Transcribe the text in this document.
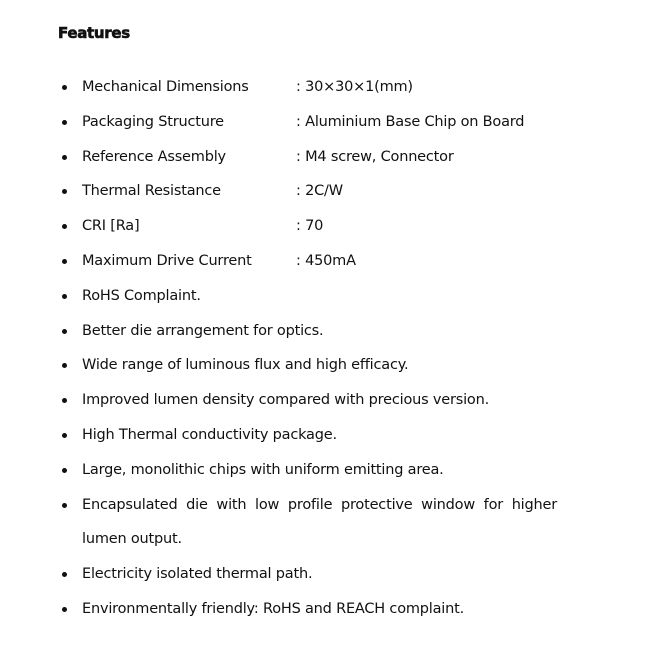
Features
Mechanical Dimensions	: 30×30×1(mm)
Packaging Structure	: Aluminium Base Chip on Board
Reference Assembly	: M4 screw, Connector
Thermal Resistance	: 2C/W
CRI [Ra]	: 70
Maximum Drive Current	: 450mA
RoHS Complaint.
Better die arrangement for optics.
Wide range of luminous flux and high efficacy.
Improved lumen density compared with precious version.
High Thermal conductivity package.
Large, monolithic chips with uniform emitting area.
Encapsulated die with low profile protective window for higher lumen output.
Electricity isolated thermal path.
Environmentally friendly: RoHS and REACH complaint.
